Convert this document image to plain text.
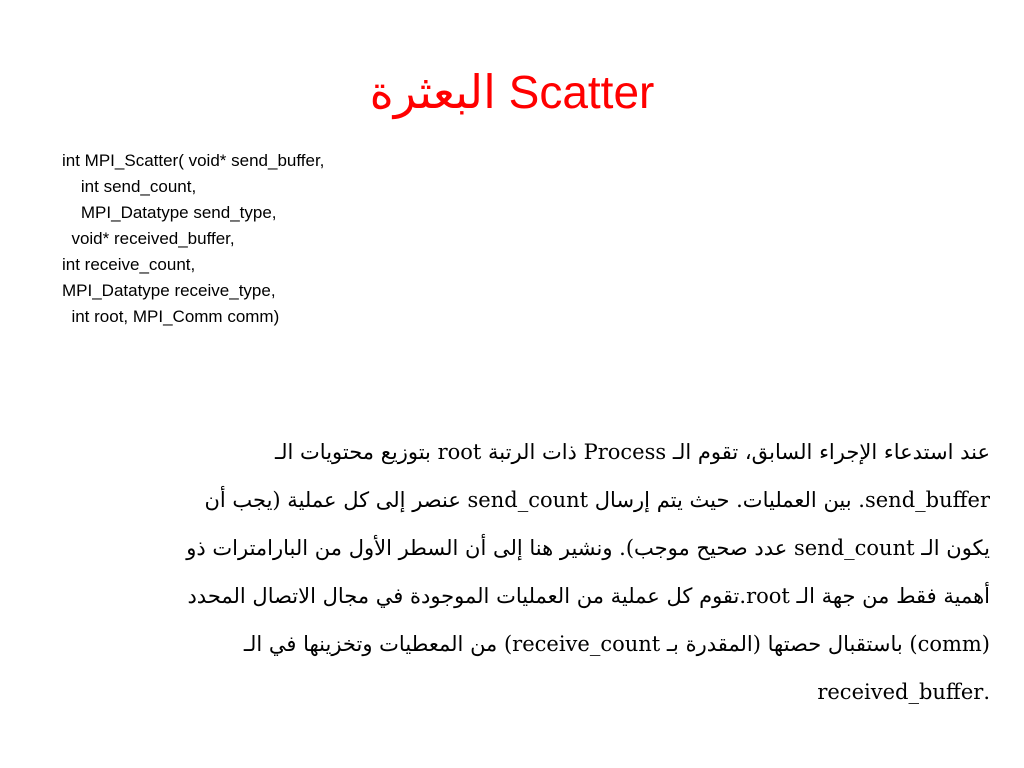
البعثرة Scatter
int MPI_Scatter( void* send_buffer,
int send_count,
MPI_Datatype send_type,
void* received_buffer,
int receive_count,
MPI_Datatype receive_type,
int root, MPI_Comm comm)
عند استدعاء الإجراء السابق، تقوم الـ Process ذات الرتبة root بتوزيع محتويات الـ
send_buffer. بين العمليات. حيث يتم إرسال send_count عنصر إلى كل عملية (يجب أن
يكون الـ send_count عدد صحيح موجب). ونشير هنا إلى أن السطر الأول من البارامترات ذو
أهمية فقط من جهة الـ root.تقوم كل عملية من العمليات الموجودة في مجال الاتصال المحدد
(comm) باستقبال حصتها (المقدرة بـ receive_count) من المعطيات وتخزينها في الـ
.received_buffer
